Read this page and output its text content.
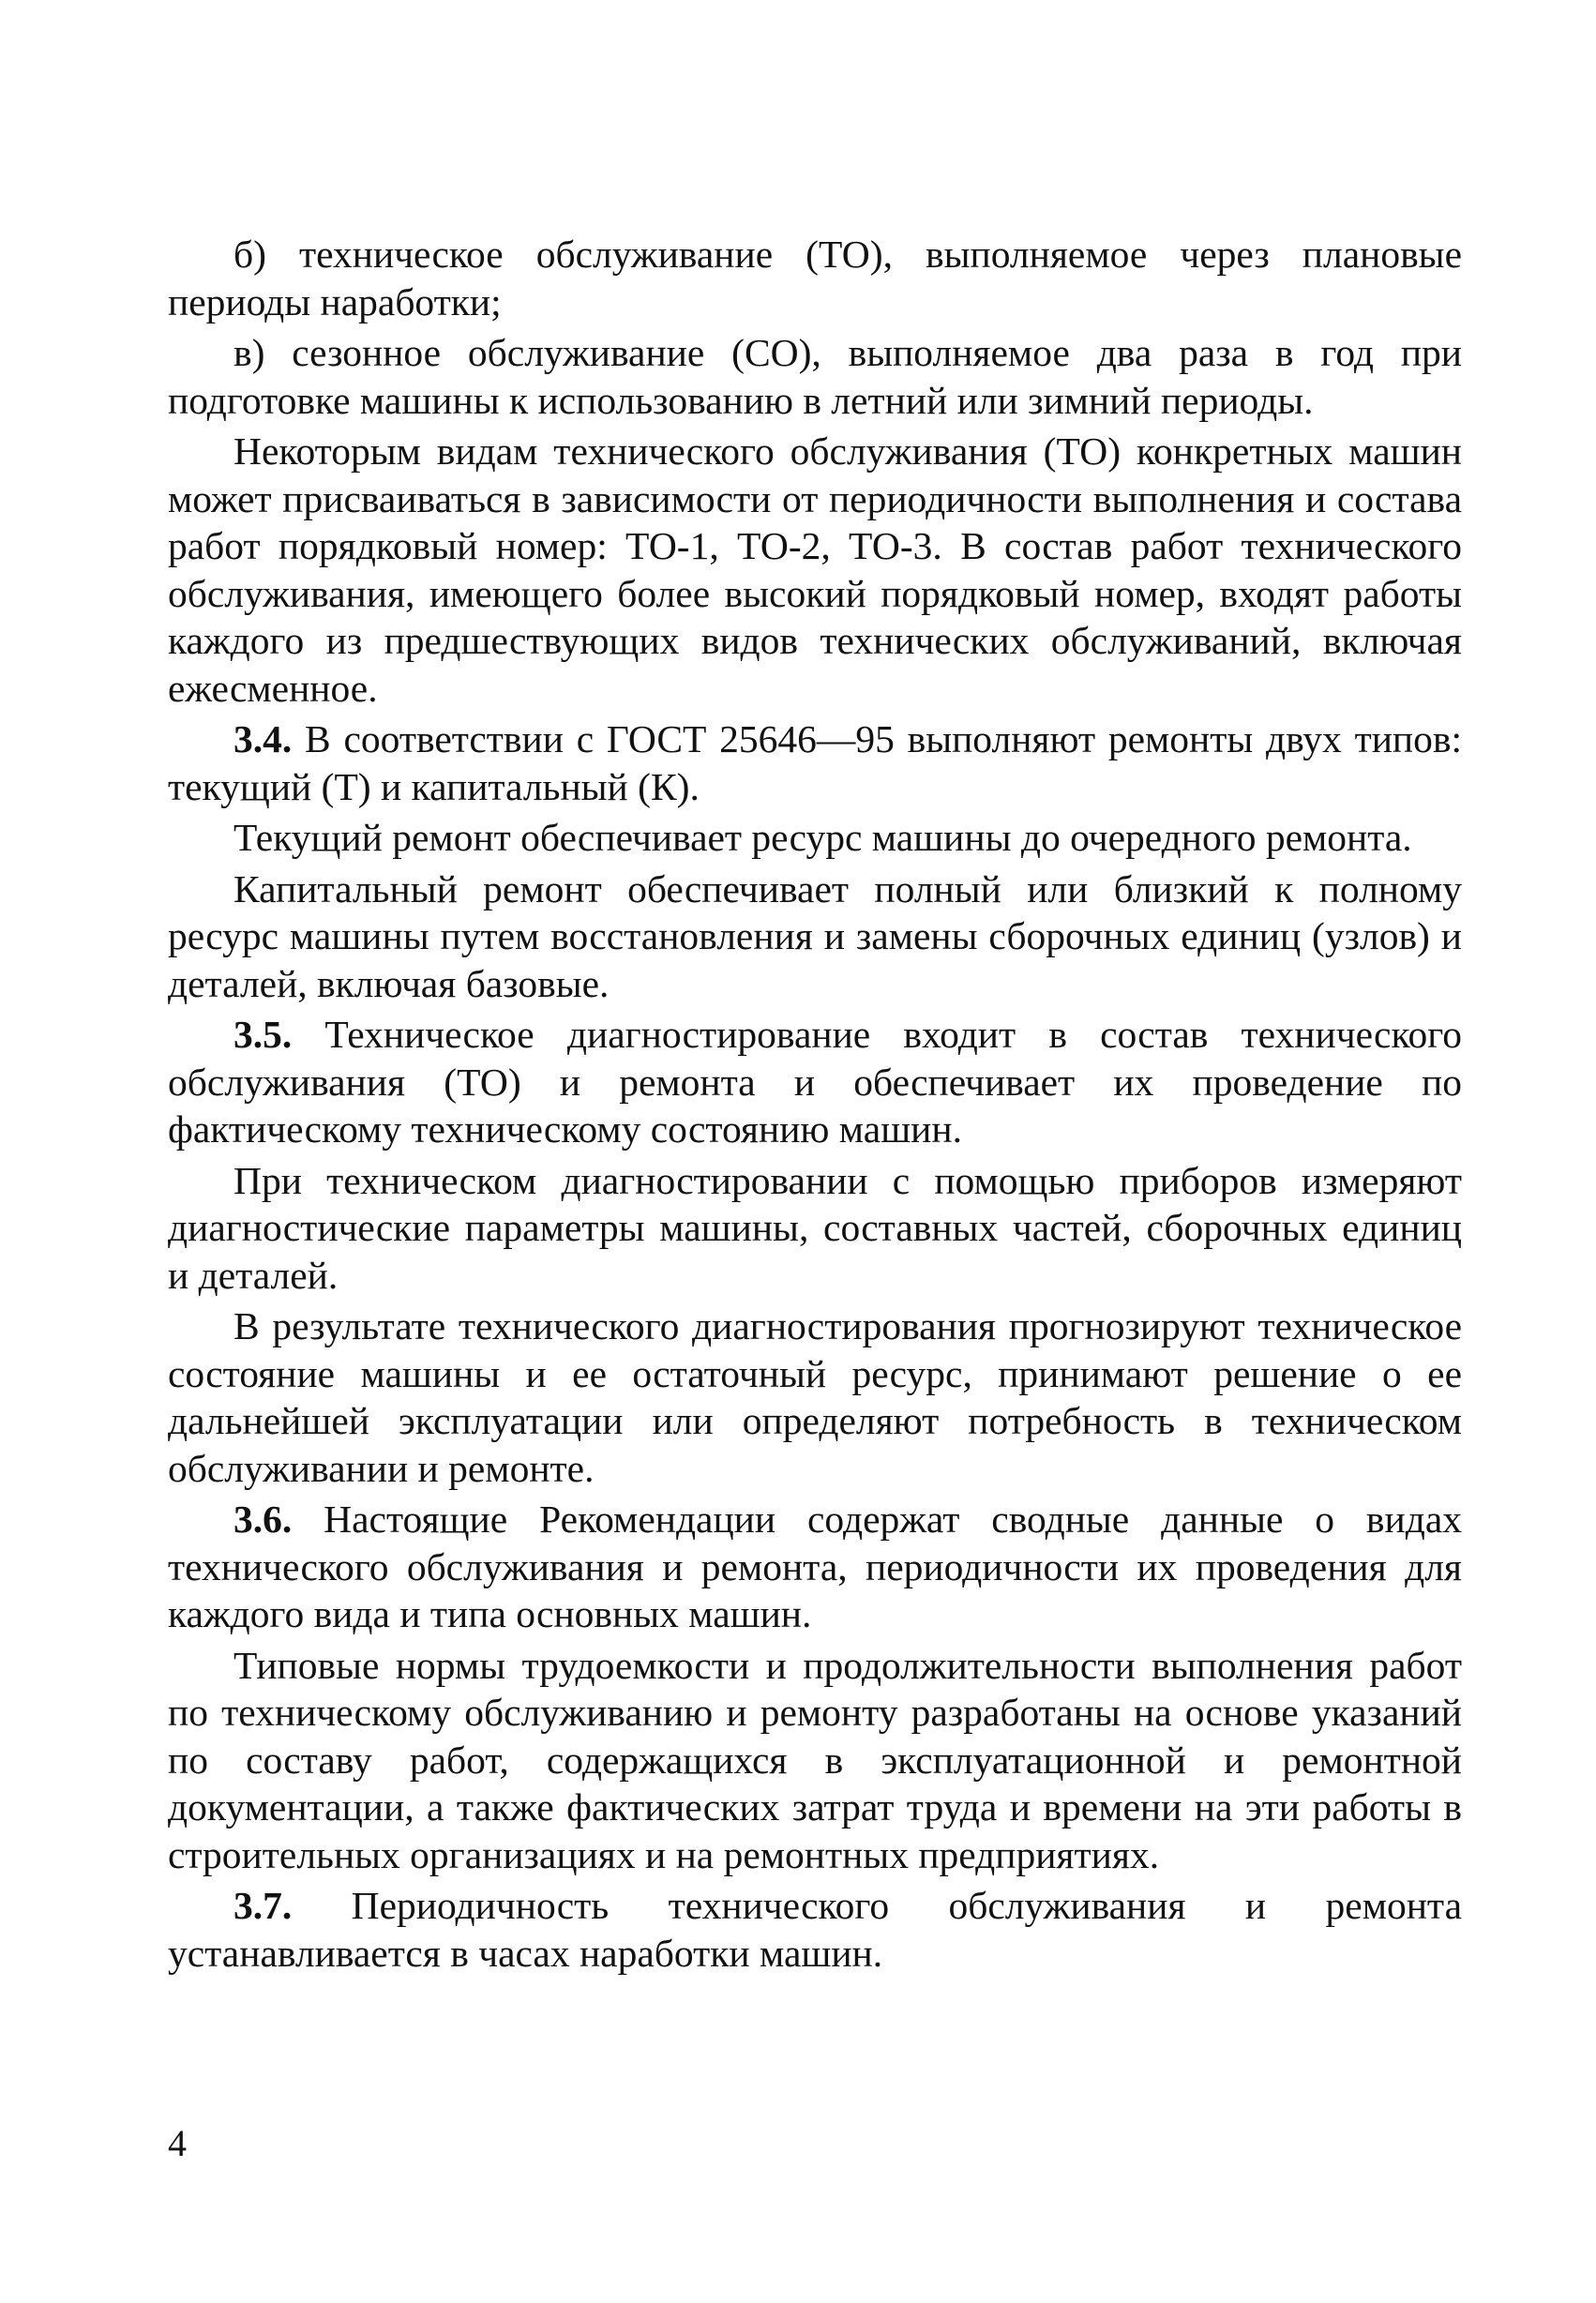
б) техническое обслуживание (ТО), выполняемое через плановые периоды наработки;

в) сезонное обслуживание (СО), выполняемое два раза в год при подготовке машины к использованию в летний или зимний периоды.

Некоторым видам технического обслуживания (ТО) конкретных машин может присваиваться в зависимости от периодичности выполнения и состава работ порядковый номер: ТО-1, ТО-2, ТО-3. В состав работ технического обслуживания, имеющего более высокий порядковый номер, входят работы каждого из предшествующих видов технических обслуживаний, включая ежесменное.

3.4. В соответствии с ГОСТ 25646—95 выполняют ремонты двух типов: текущий (Т) и капитальный (К).

Текущий ремонт обеспечивает ресурс машины до очередного ремонта.

Капитальный ремонт обеспечивает полный или близкий к полному ресурс машины путем восстановления и замены сборочных единиц (узлов) и деталей, включая базовые.

3.5. Техническое диагностирование входит в состав технического обслуживания (ТО) и ремонта и обеспечивает их проведение по фактическому техническому состоянию машин.

При техническом диагностировании с помощью приборов измеряют диагностические параметры машины, составных частей, сборочных единиц и деталей.

В результате технического диагностирования прогнозируют техническое состояние машины и ее остаточный ресурс, принимают решение о ее дальнейшей эксплуатации или определяют потребность в техническом обслуживании и ремонте.

3.6. Настоящие Рекомендации содержат сводные данные о видах технического обслуживания и ремонта, периодичности их проведения для каждого вида и типа основных машин.

Типовые нормы трудоемкости и продолжительности выполнения работ по техническому обслуживанию и ремонту разработаны на основе указаний по составу работ, содержащихся в эксплуатационной и ремонтной документации, а также фактических затрат труда и времени на эти работы в строительных организациях и на ремонтных предприятиях.

3.7. Периодичность технического обслуживания и ремонта устанавливается в часах наработки машин.

4
